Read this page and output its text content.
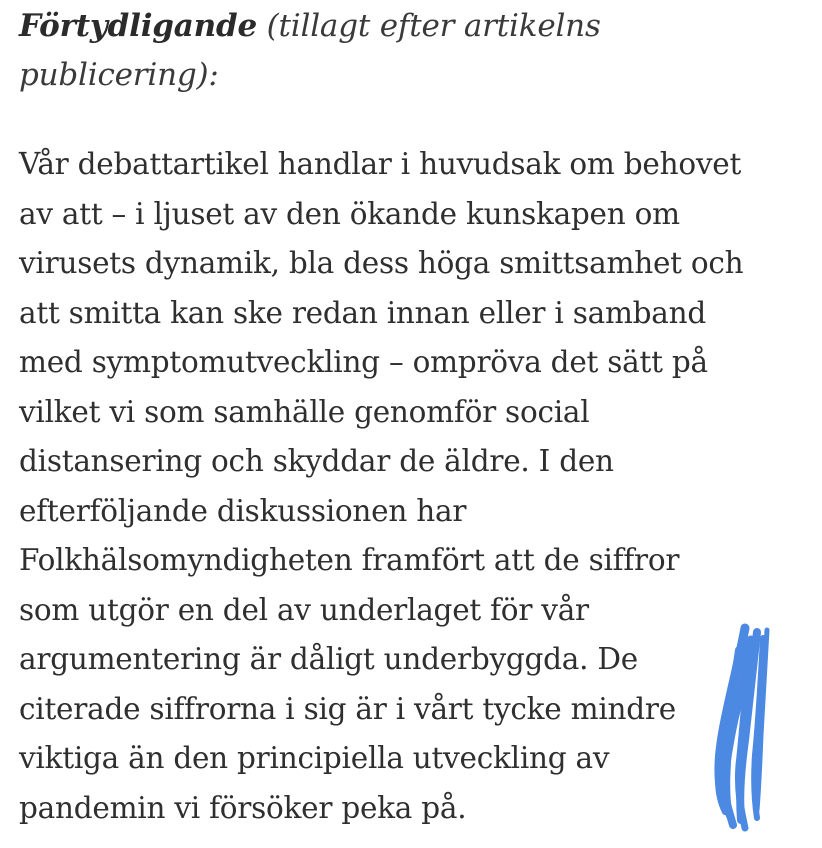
Förtydligande (tillagt efter artikelns
publicering):
Vår debattartikel handlar i huvudsak om behovet
av att – i ljuset av den ökande kunskapen om
virusets dynamik, bla dess höga smittsamhet och
att smitta kan ske redan innan eller i samband
med symptomutveckling – ompröva det sätt på
vilket vi som samhälle genomför social
distansering och skyddar de äldre. I den
efterföljande diskussionen har
Folkhälsomyndigheten framfört att de siffror
som utgör en del av underlaget för vår
argumentering är dåligt underbyggda. De
citerade siffrorna i sig är i vårt tycke mindre
viktiga än den principiella utveckling av
pandemin vi försöker peka på.
